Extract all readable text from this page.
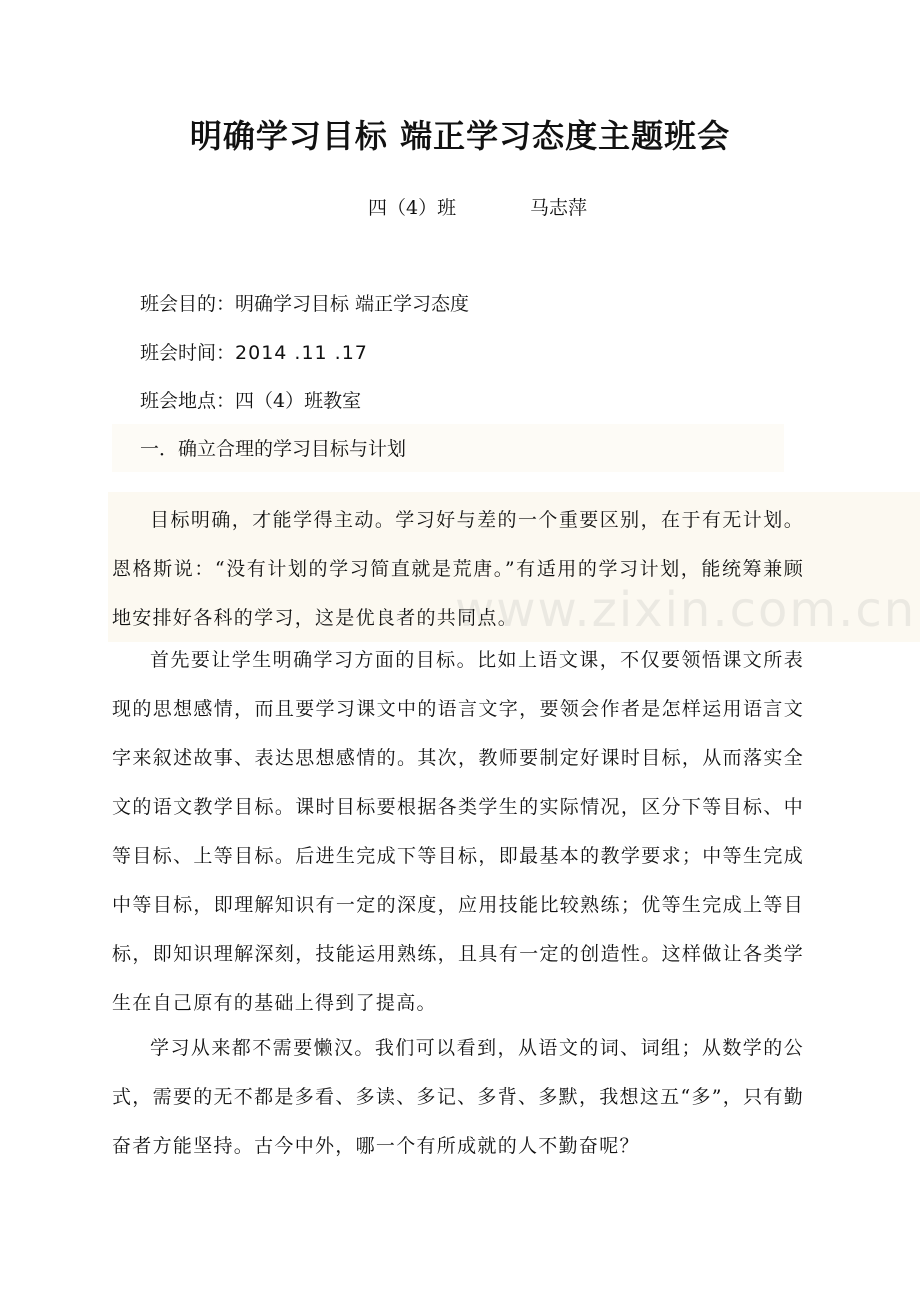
明确学习目标 端正学习态度主题班会
四（4）班	马志萍
班会目的：明确学习目标 端正学习态度
班会时间：2014 .11 .17
班会地点：四（4）班教室
一．确立合理的学习目标与计划

目标明确，才能学得主动。学习好与差的一个重要区别，在于有无计划。恩格斯说：“没有计划的学习简直就是荒唐。”有适用的学习计划，能统筹兼顾地安排好各科的学习，这是优良者的共同点。

首先要让学生明确学习方面的目标。比如上语文课，不仅要领悟课文所表现的思想感情，而且要学习课文中的语言文字，要领会作者是怎样运用语言文字来叙述故事、表达思想感情的。其次，教师要制定好课时目标，从而落实全文的语文教学目标。课时目标要根据各类学生的实际情况，区分下等目标、中等目标、上等目标。后进生完成下等目标，即最基本的教学要求；中等生完成中等目标，即理解知识有一定的深度，应用技能比较熟练；优等生完成上等目标，即知识理解深刻，技能运用熟练，且具有一定的创造性。这样做让各类学生在自己原有的基础上得到了提高。

学习从来都不需要懒汉。我们可以看到，从语文的词、词组；从数学的公式，需要的无不都是多看、多读、多记、多背、多默，我想这五“多”，只有勤奋者方能坚持。古今中外，哪一个有所成就的人不勤奋呢？
